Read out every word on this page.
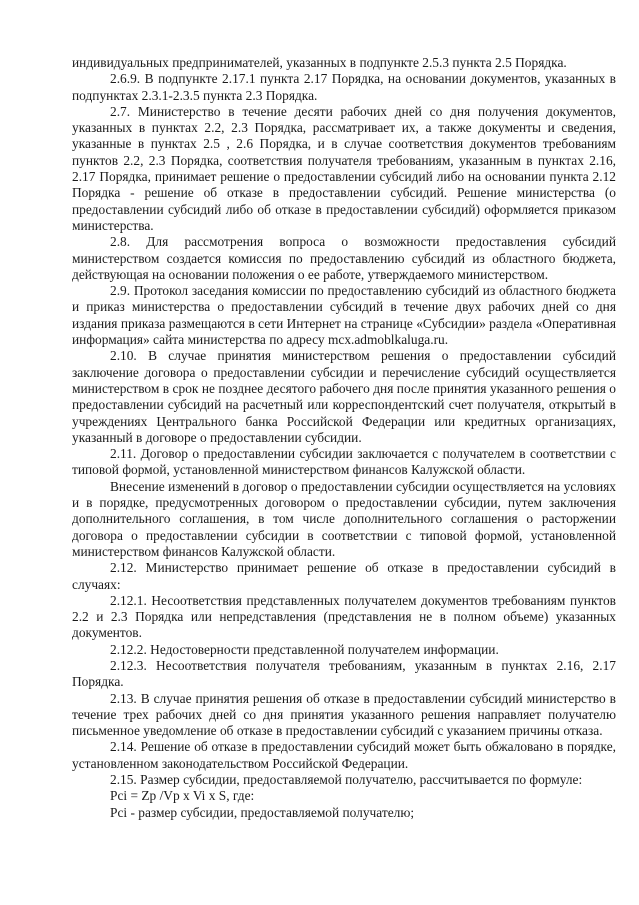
индивидуальных предпринимателей, указанных в подпункте 2.5.3 пункта 2.5 Порядка.

2.6.9. В подпункте 2.17.1 пункта 2.17 Порядка, на основании документов, указанных в подпунктах 2.3.1-2.3.5 пункта 2.3 Порядка.

2.7. Министерство в течение десяти рабочих дней со дня получения документов, указанных в пунктах 2.2, 2.3 Порядка, рассматривает их, а также документы и сведения, указанные в пунктах 2.5 , 2.6 Порядка, и в случае соответствия документов требованиям пунктов 2.2, 2.3 Порядка, соответствия получателя требованиям, указанным в пунктах 2.16, 2.17 Порядка, принимает решение о предоставлении субсидий либо на основании пункта 2.12 Порядка - решение об отказе в предоставлении субсидий. Решение министерства (о предоставлении субсидий либо об отказе в предоставлении субсидий) оформляется приказом министерства.

2.8. Для рассмотрения вопроса о возможности предоставления субсидий министерством создается комиссия по предоставлению субсидий из областного бюджета, действующая на основании положения о ее работе, утверждаемого министерством.

2.9. Протокол заседания комиссии по предоставлению субсидий из областного бюджета и приказ министерства о предоставлении субсидий в течение двух рабочих дней со дня издания приказа размещаются в сети Интернет на странице «Субсидии» раздела «Оперативная информация» сайта министерства по адресу mcx.admoblkaluga.ru.

2.10. В случае принятия министерством решения о предоставлении субсидий заключение договора о предоставлении субсидии и перечисление субсидий осуществляется министерством в срок не позднее десятого рабочего дня после принятия указанного решения о предоставлении субсидий на расчетный или корреспондентский счет получателя, открытый в учреждениях Центрального банка Российской Федерации или кредитных организациях, указанный в договоре о предоставлении субсидии.

2.11. Договор о предоставлении субсидии заключается с получателем в соответствии с типовой формой, установленной министерством финансов Калужской области.

Внесение изменений в договор о предоставлении субсидии осуществляется на условиях и в порядке, предусмотренных договором о предоставлении субсидии, путем заключения дополнительного соглашения, в том числе дополнительного соглашения о расторжении договора о предоставлении субсидии в соответствии с типовой формой, установленной министерством финансов Калужской области.

2.12. Министерство принимает решение об отказе в предоставлении субсидий в случаях:

2.12.1. Несоответствия представленных получателем документов требованиям пунктов 2.2 и 2.3 Порядка или непредставления (представления не в полном объеме) указанных документов.

2.12.2. Недостоверности представленной получателем информации.

2.12.3. Несоответствия получателя требованиям, указанным в пунктах 2.16, 2.17 Порядка.

2.13. В случае принятия решения об отказе в предоставлении субсидий министерство в течение трех рабочих дней со дня принятия указанного решения направляет получателю письменное уведомление об отказе в предоставлении субсидий с указанием причины отказа.

2.14. Решение об отказе в предоставлении субсидий может быть обжаловано в порядке, установленном законодательством Российской Федерации.

2.15. Размер субсидии, предоставляемой получателю, рассчитывается по формуле:

Pci = Zp /Vp x Vi x S, где:

Pci - размер субсидии, предоставляемой получателю;
